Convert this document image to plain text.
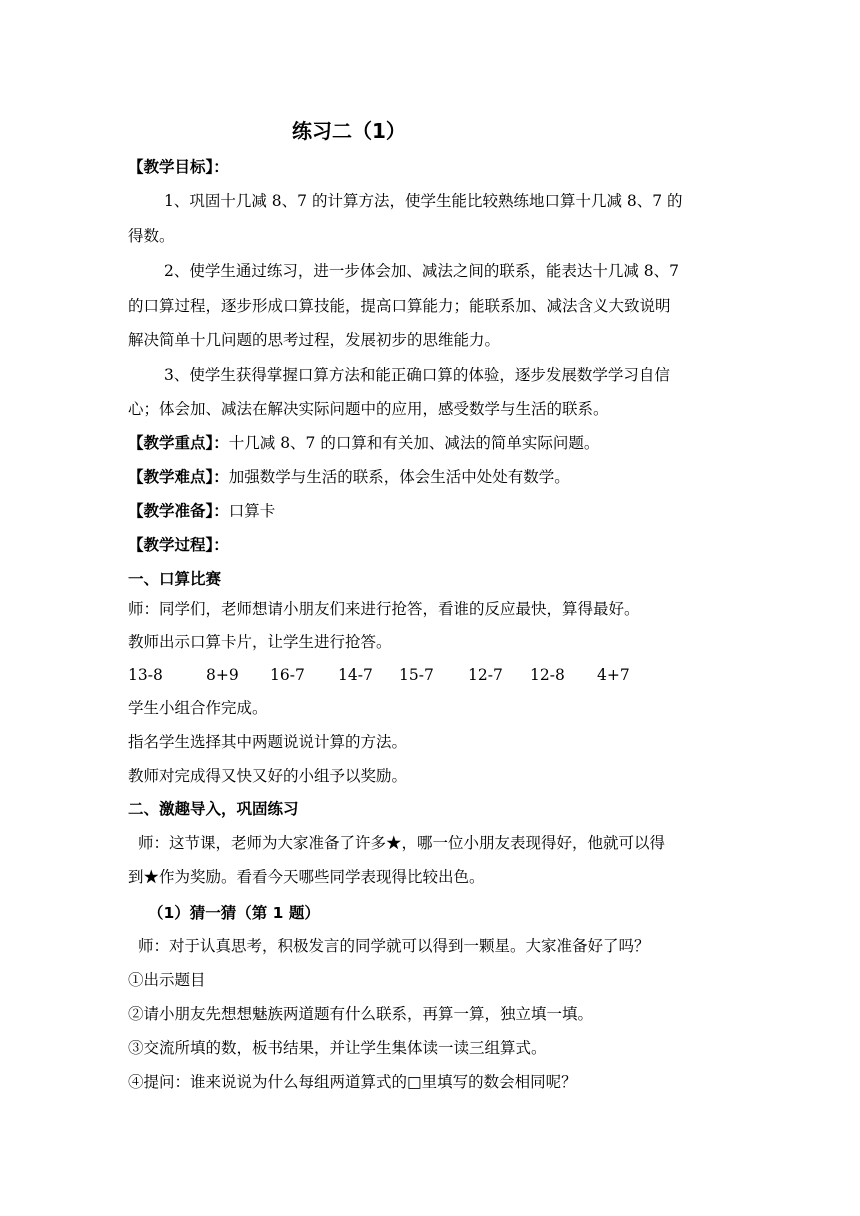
练习二（1）
【教学目标】：
1、巩固十几减 8、7 的计算方法，使学生能比较熟练地口算十几减 8、7 的
得数。
2、使学生通过练习，进一步体会加、减法之间的联系，能表达十几减 8、7
的口算过程，逐步形成口算技能，提高口算能力；能联系加、减法含义大致说明
解决简单十几问题的思考过程，发展初步的思维能力。
3、使学生获得掌握口算方法和能正确口算的体验，逐步发展数学学习自信
心；体会加、减法在解决实际问题中的应用，感受数学与生活的联系。
【教学重点】：十几减 8、7 的口算和有关加、减法的简单实际问题。
【教学难点】：加强数学与生活的联系，体会生活中处处有数学。
【教学准备】：口算卡
【教学过程】：
一、口算比赛
师：同学们，老师想请小朋友们来进行抢答，看谁的反应最快，算得最好。
教师出示口算卡片，让学生进行抢答。
13-8	8+9 16-7 14-7 15-7 12-7 12-8 4+7
学生小组合作完成。
指名学生选择其中两题说说计算的方法。
教师对完成得又快又好的小组予以奖励。
二、激趣导入，巩固练习
师：这节课，老师为大家准备了许多★，哪一位小朋友表现得好，他就可以得
到★作为奖励。看看今天哪些同学表现得比较出色。
（1）猜一猜（第 1 题）
师：对于认真思考，积极发言的同学就可以得到一颗星。大家准备好了吗？
①出示题目
②请小朋友先想想魅族两道题有什么联系，再算一算，独立填一填。
③交流所填的数，板书结果，并让学生集体读一读三组算式。
④提问：谁来说说为什么每组两道算式的□里填写的数会相同呢？
